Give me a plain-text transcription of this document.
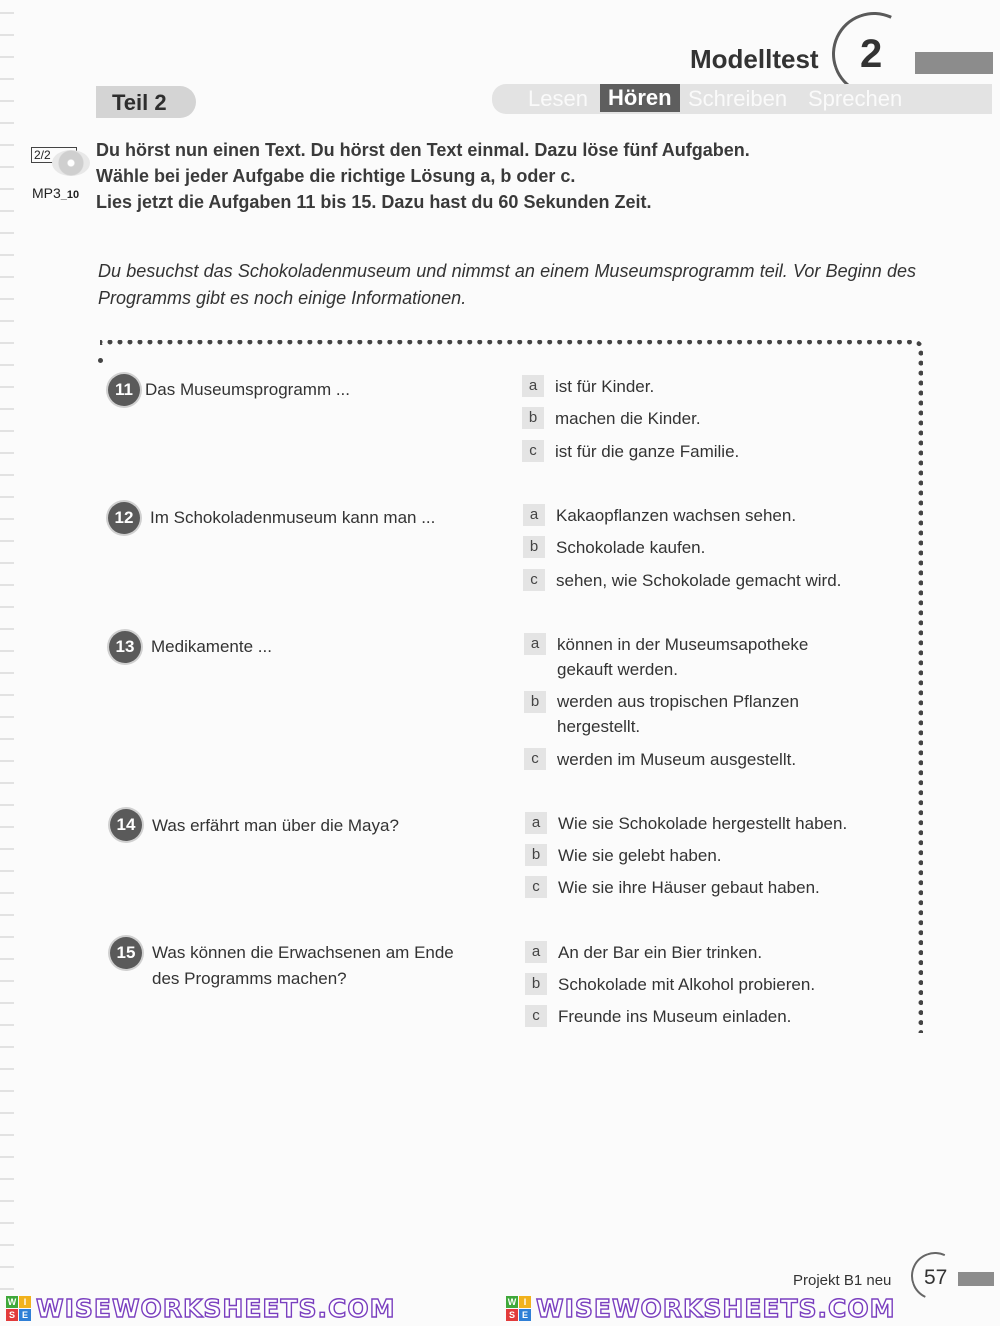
Modelltest 2
Teil 2	Lesen Hören Schreiben Sprechen
2/2
MP3_10
Du hörst nun einen Text. Du hörst den Text einmal. Dazu löse fünf Aufgaben.
Wähle bei jeder Aufgabe die richtige Lösung a, b oder c.
Lies jetzt die Aufgaben 11 bis 15. Dazu hast du 60 Sekunden Zeit.
Du besuchst das Schokoladenmuseum und nimmst an einem Museumsprogramm teil. Vor Beginn des Programms gibt es noch einige Informationen.
11 Das Museumsprogramm ...	a	ist für Kinder.
b	machen die Kinder.
c	ist für die ganze Familie.
12 Im Schokoladenmuseum kann man ...	a	Kakaopflanzen wachsen sehen.
b	Schokolade kaufen.
c	sehen, wie Schokolade gemacht wird.
13 Medikamente ...	a	können in der Museumsapotheke gekauft werden.
b	werden aus tropischen Pflanzen hergestellt.
c	werden im Museum ausgestellt.
14 Was erfährt man über die Maya?	a	Wie sie Schokolade hergestellt haben.
b	Wie sie gelebt haben.
c	Wie sie ihre Häuser gebaut haben.
15 Was können die Erwachsenen am Ende des Programms machen?
a	An der Bar ein Bier trinken.
b	Schokolade mit Alkohol probieren.
c	Freunde ins Museum einladen.
Projekt B1 neu 57
W I
S E WISEWORKSHEETS.COM	W I
S E WISEWORKSHEETS.COM
